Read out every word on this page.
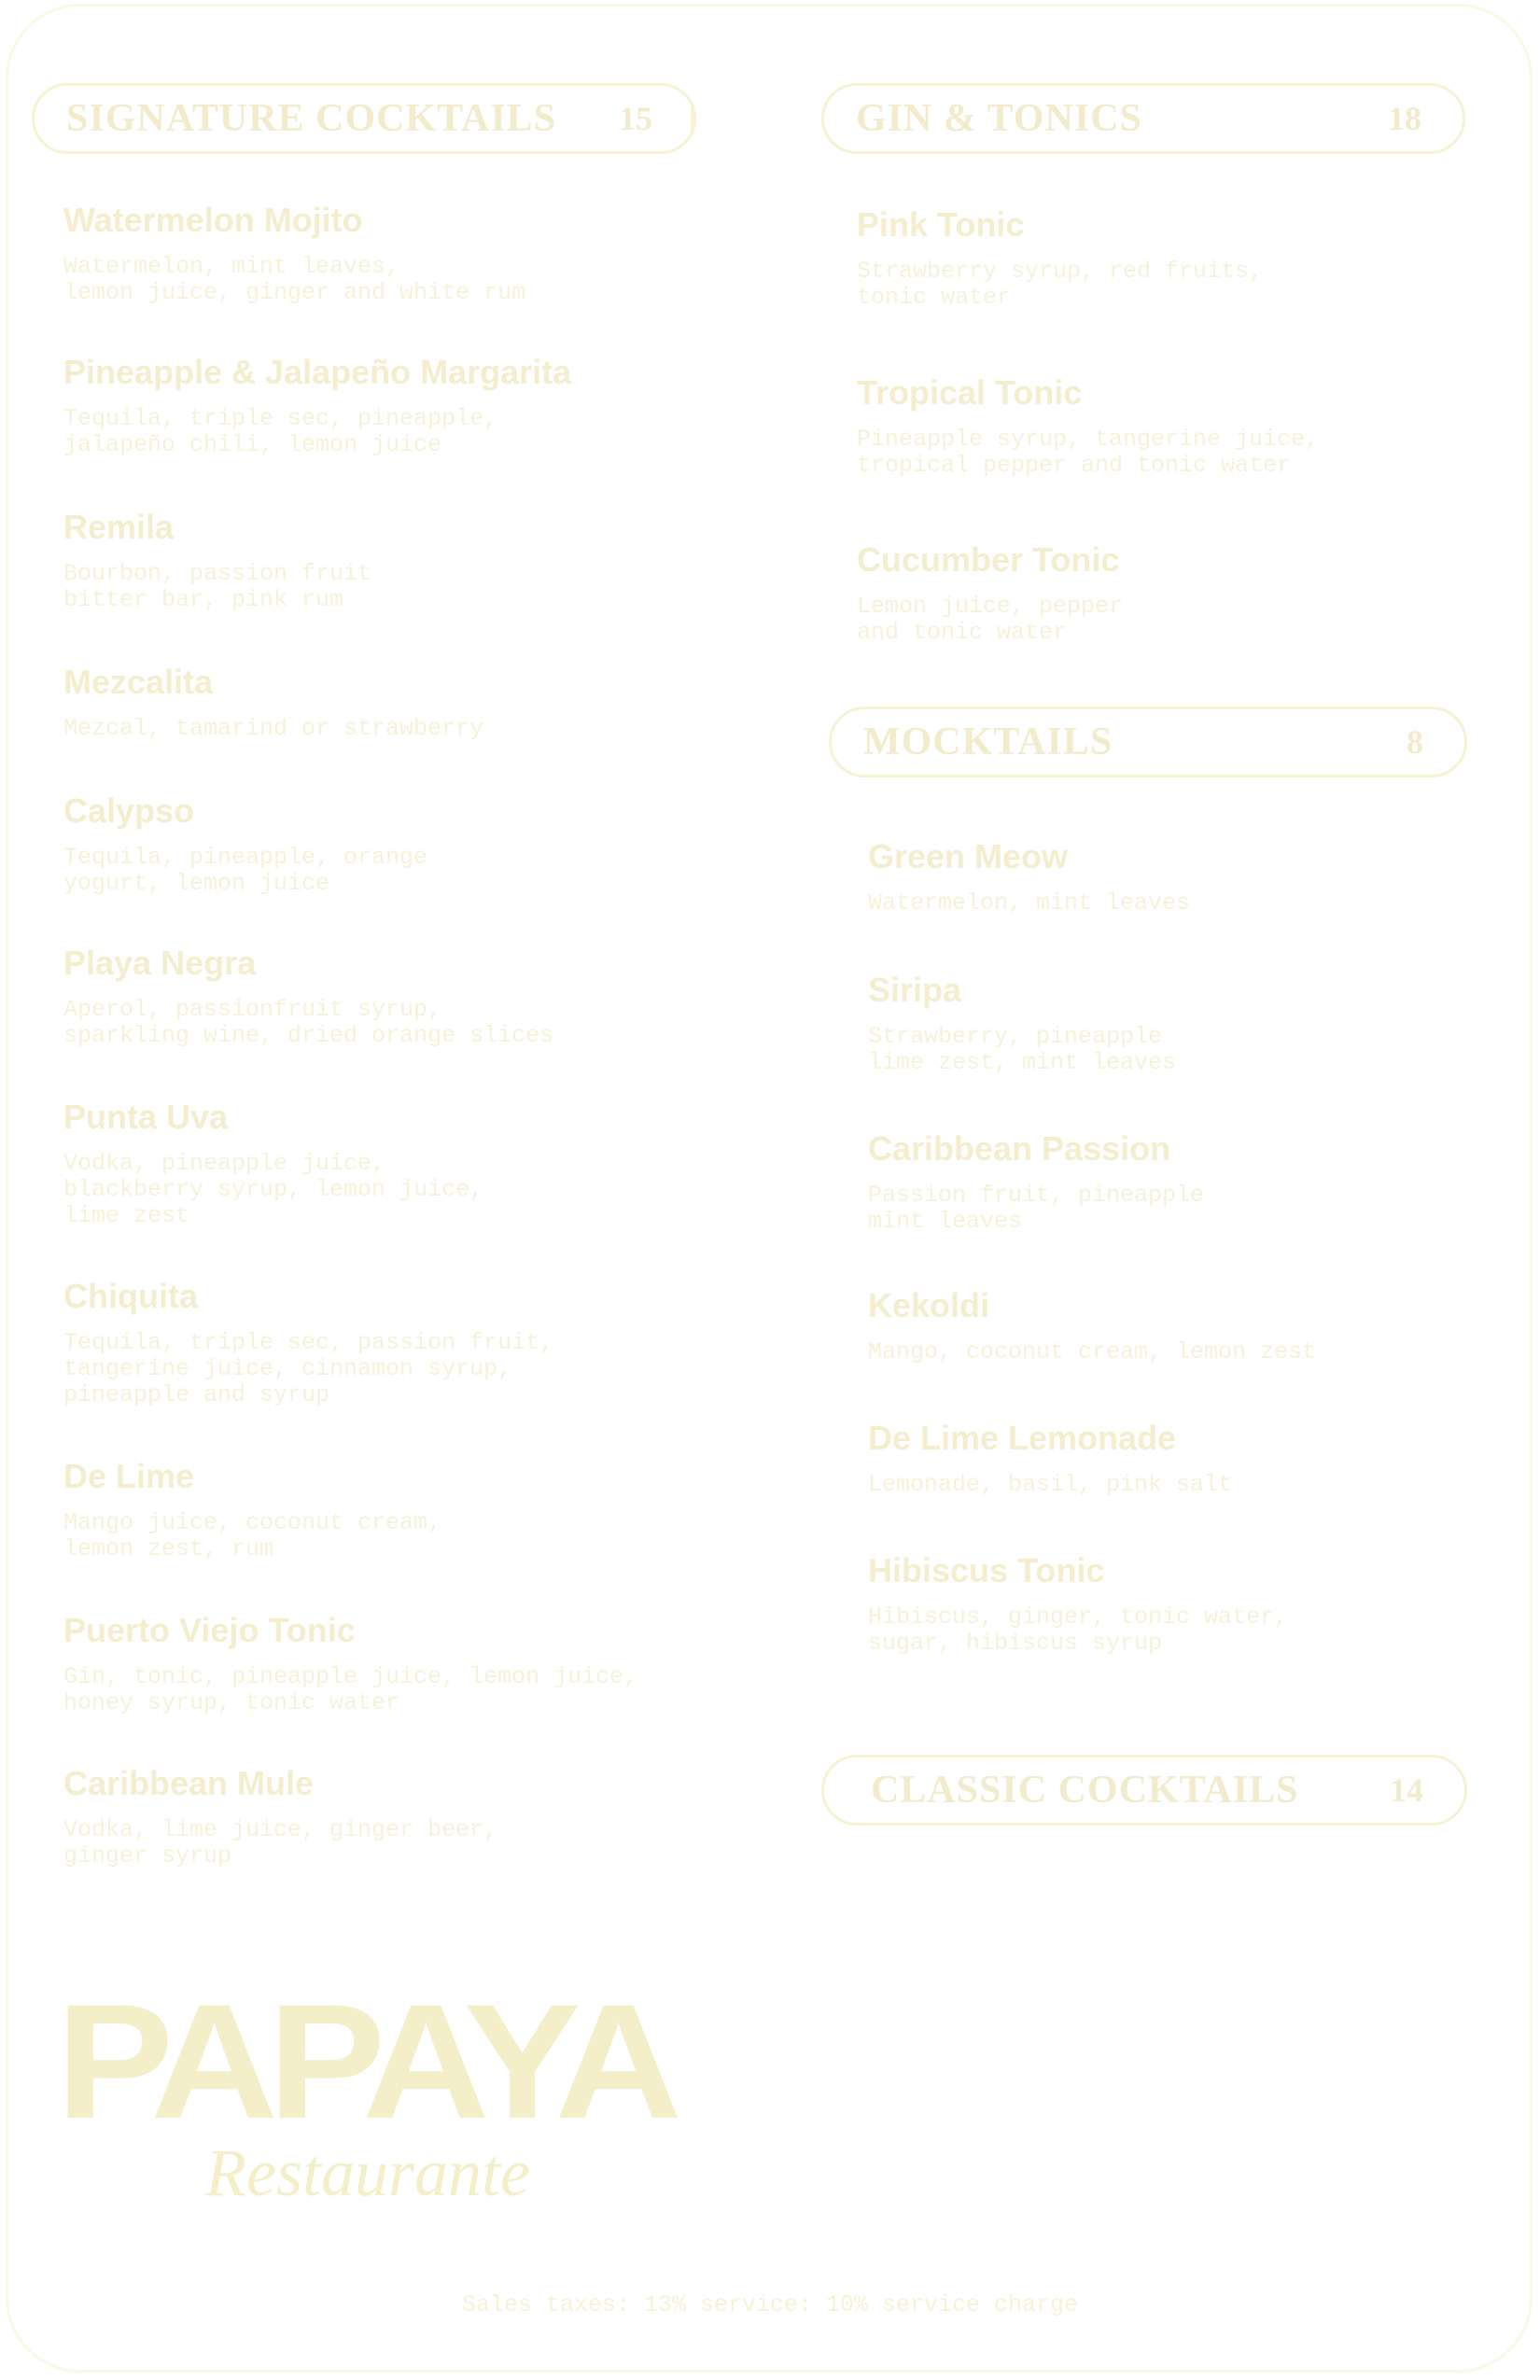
SIGNATURE COCKTAILS 15	GIN & TONICS	18
MOCKTAILS	8
CLASSIC COCKTAILS	14
Watermelon Mojito
Watermelon, mint leaves,
lemon juice, ginger and white rum
Pineapple & Jalapeño Margarita
Tequila, triple sec, pineapple,
jalapeño chili, lemon juice
Remila
Bourbon, passion fruit
bitter bar, pink rum
Mezcalita
Mezcal, tamarind or strawberry
Calypso
Tequila, pineapple, orange
yogurt, lemon juice
Playa Negra
Aperol, passionfruit syrup,
sparkling wine, dried orange slices
Punta Uva
Vodka, pineapple juice,
blackberry syrup, lemon juice,
lime zest
Chiquita
Tequila, triple sec, passion fruit,
tangerine juice, cinnamon syrup,
pineapple and syrup
De Lime
Mango juice, coconut cream,
lemon zest, rum
Puerto Viejo Tonic
Gin, tonic, pineapple juice, lemon juice,
honey syrup, tonic water
Caribbean Mule
Vodka, lime juice, ginger beer,
ginger syrup
Pink Tonic
Strawberry syrup, red fruits,
tonic water
Tropical Tonic
Pineapple syrup, tangerine juice,
tropical pepper and tonic water
Cucumber Tonic
Lemon juice, pepper
and tonic water
Green Meow
Watermelon, mint leaves
Siripa
Strawberry, pineapple
lime zest, mint leaves
Caribbean Passion
Passion fruit, pineapple
mint leaves
Kekoldi
Mango, coconut cream, lemon zest
De Lime Lemonade
Lemonade, basil, pink salt
Hibiscus Tonic
Hibiscus, ginger, tonic water,
sugar, hibiscus syrup
PAPAYA
Restaurante
Sales taxes: 13% service: 10% service charge
